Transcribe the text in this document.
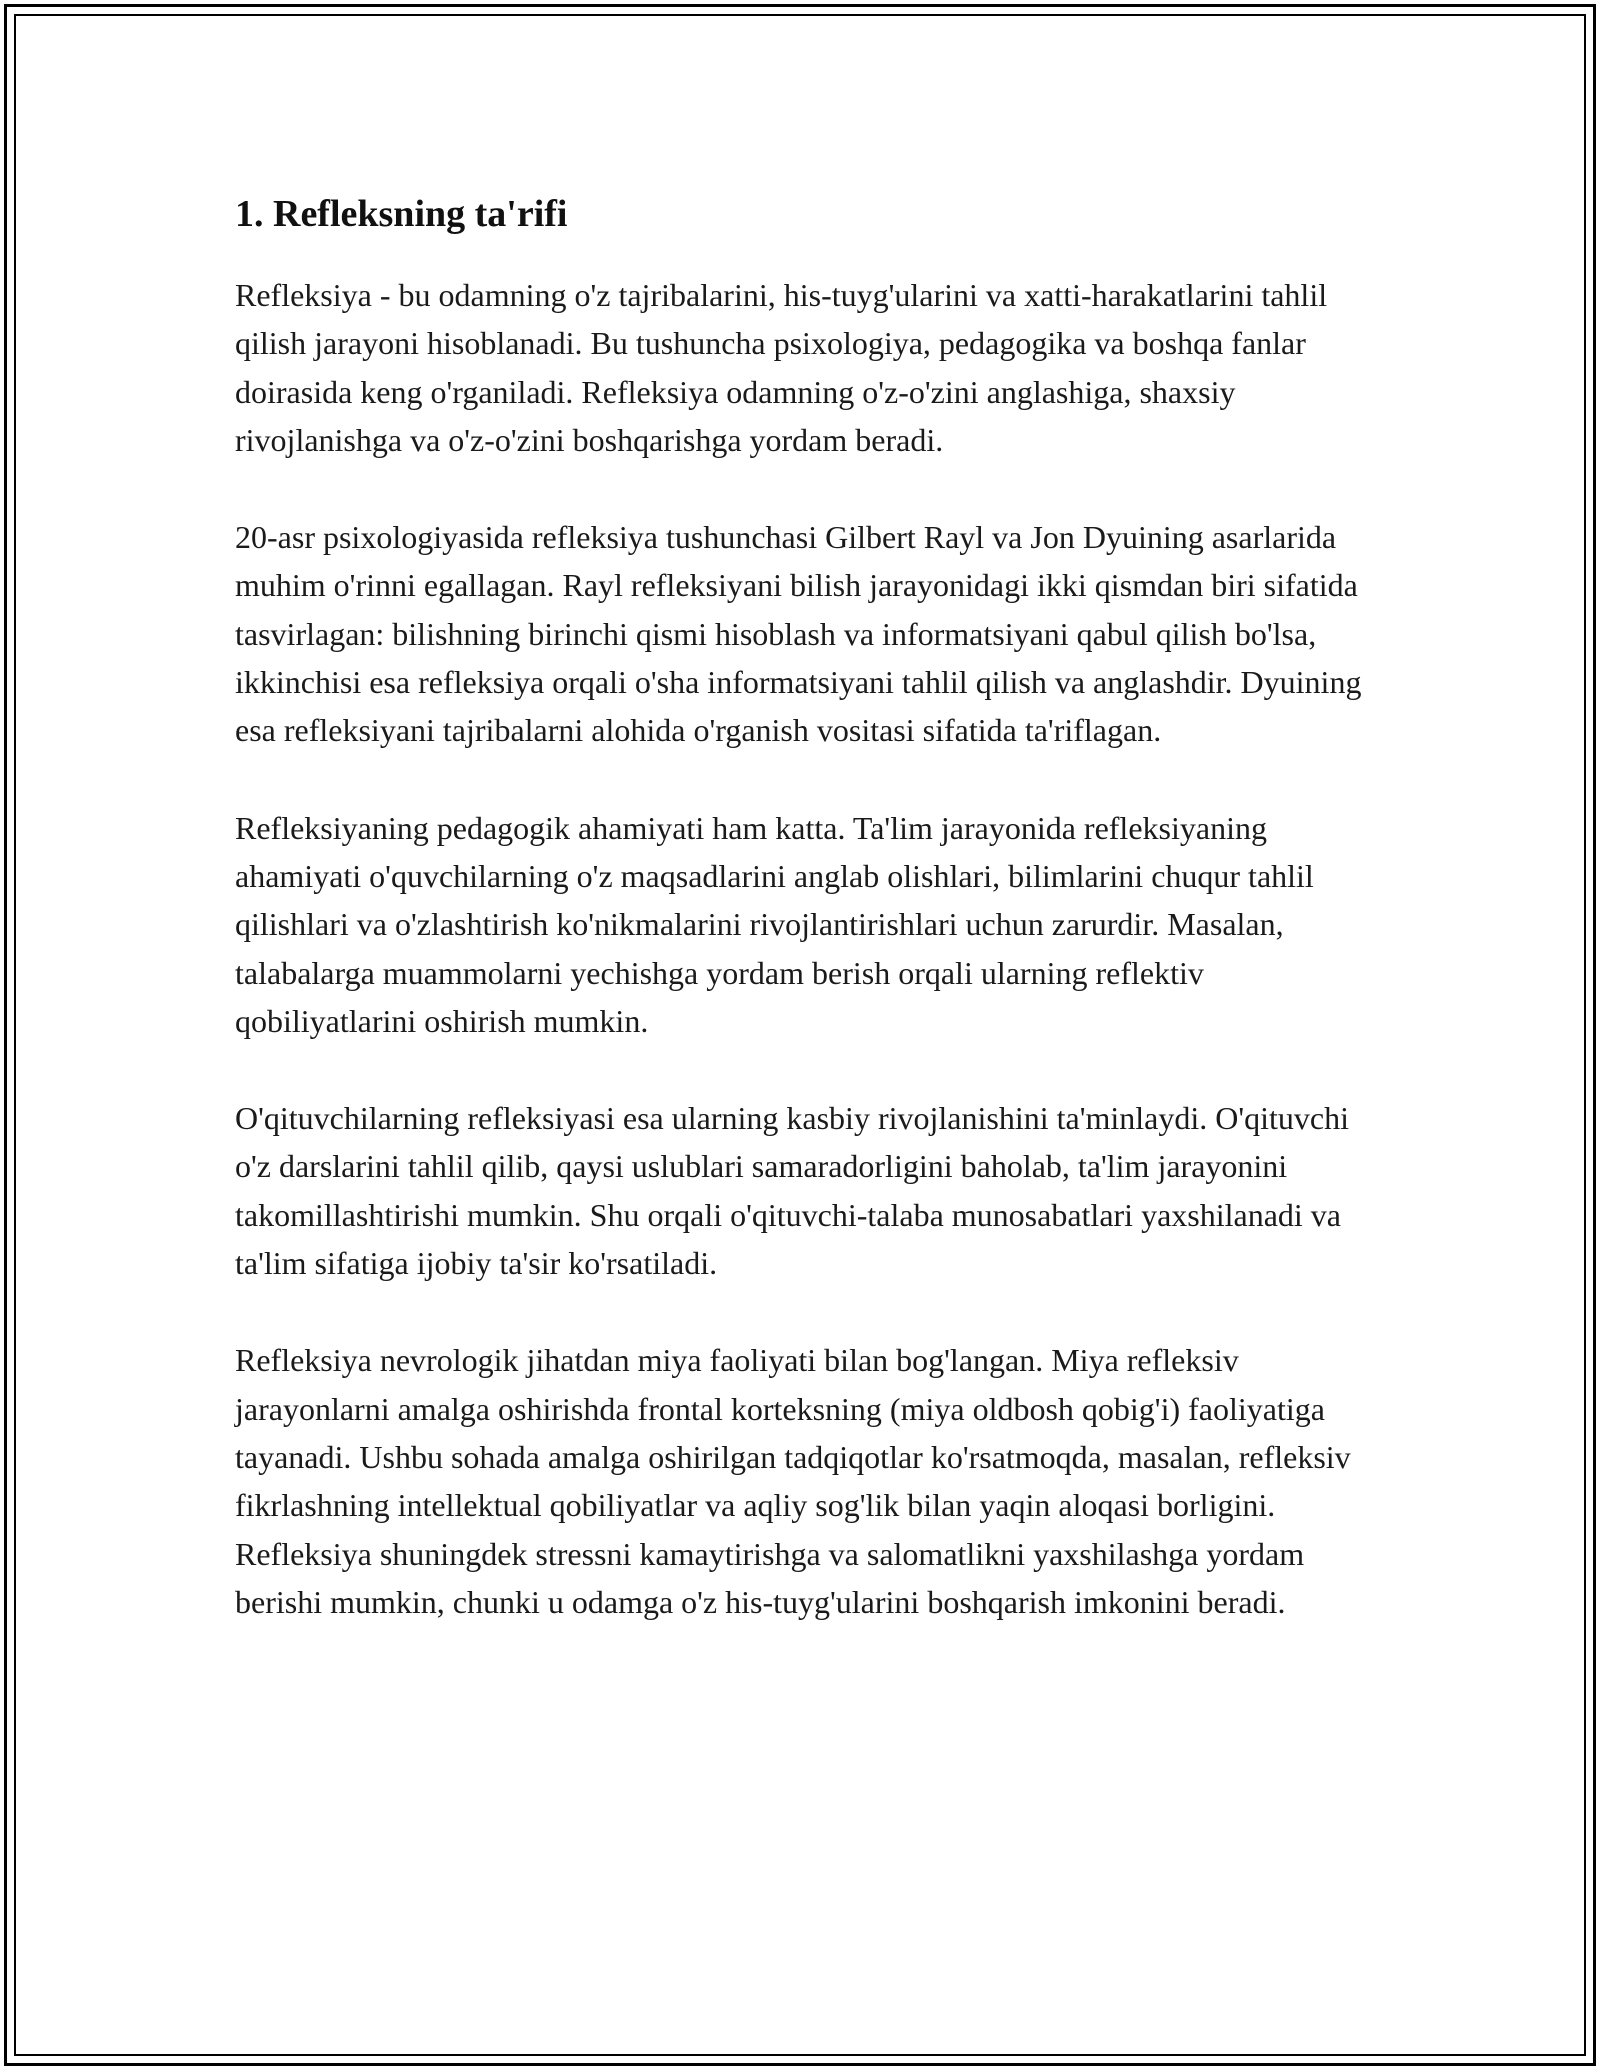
1. Refleksning ta'rifi

Refleksiya - bu odamning o'z tajribalarini, his-tuyg'ularini va xatti-harakatlarini tahlil qilish jarayoni hisoblanadi. Bu tushuncha psixologiya, pedagogika va boshqa fanlar doirasida keng o'rganiladi. Refleksiya odamning o'z-o'zini anglashiga, shaxsiy rivojlanishga va o'z-o'zini boshqarishga yordam beradi.

20-asr psixologiyasida refleksiya tushunchasi Gilbert Rayl va Jon Dyuining asarlarida muhim o'rinni egallagan. Rayl refleksiyani bilish jarayonidagi ikki qismdan biri sifatida tasvirlagan: bilishning birinchi qismi hisoblash va informatsiyani qabul qilish bo'lsa, ikkinchisi esa refleksiya orqali o'sha informatsiyani tahlil qilish va anglashdir. Dyuining esa refleksiyani tajribalarni alohida o'rganish vositasi sifatida ta'riflagan.

Refleksiyaning pedagogik ahamiyati ham katta. Ta'lim jarayonida refleksiyaning ahamiyati o'quvchilarning o'z maqsadlarini anglab olishlari, bilimlarini chuqur tahlil qilishlari va o'zlashtirish ko'nikmalarini rivojlantirishlari uchun zarurdir. Masalan, talabalarga muammolarni yechishga yordam berish orqali ularning reflektiv qobiliyatlarini oshirish mumkin.

O'qituvchilarning refleksiyasi esa ularning kasbiy rivojlanishini ta'minlaydi. O'qituvchi o'z darslarini tahlil qilib, qaysi uslublari samaradorligini baholab, ta'lim jarayonini takomillashtirishi mumkin. Shu orqali o'qituvchi-talaba munosabatlari yaxshilanadi va ta'lim sifatiga ijobiy ta'sir ko'rsatiladi.

Refleksiya nevrologik jihatdan miya faoliyati bilan bog'langan. Miya refleksiv jarayonlarni amalga oshirishda frontal korteksning (miya oldbosh qobig'i) faoliyatiga tayanadi. Ushbu sohada amalga oshirilgan tadqiqotlar ko'rsatmoqda, masalan, refleksiv fikrlashning intellektual qobiliyatlar va aqliy sog'lik bilan yaqin aloqasi borligini. Refleksiya shuningdek stressni kamaytirishga va salomatlikni yaxshilashga yordam berishi mumkin, chunki u odamga o'z his-tuyg'ularini boshqarish imkonini beradi.
